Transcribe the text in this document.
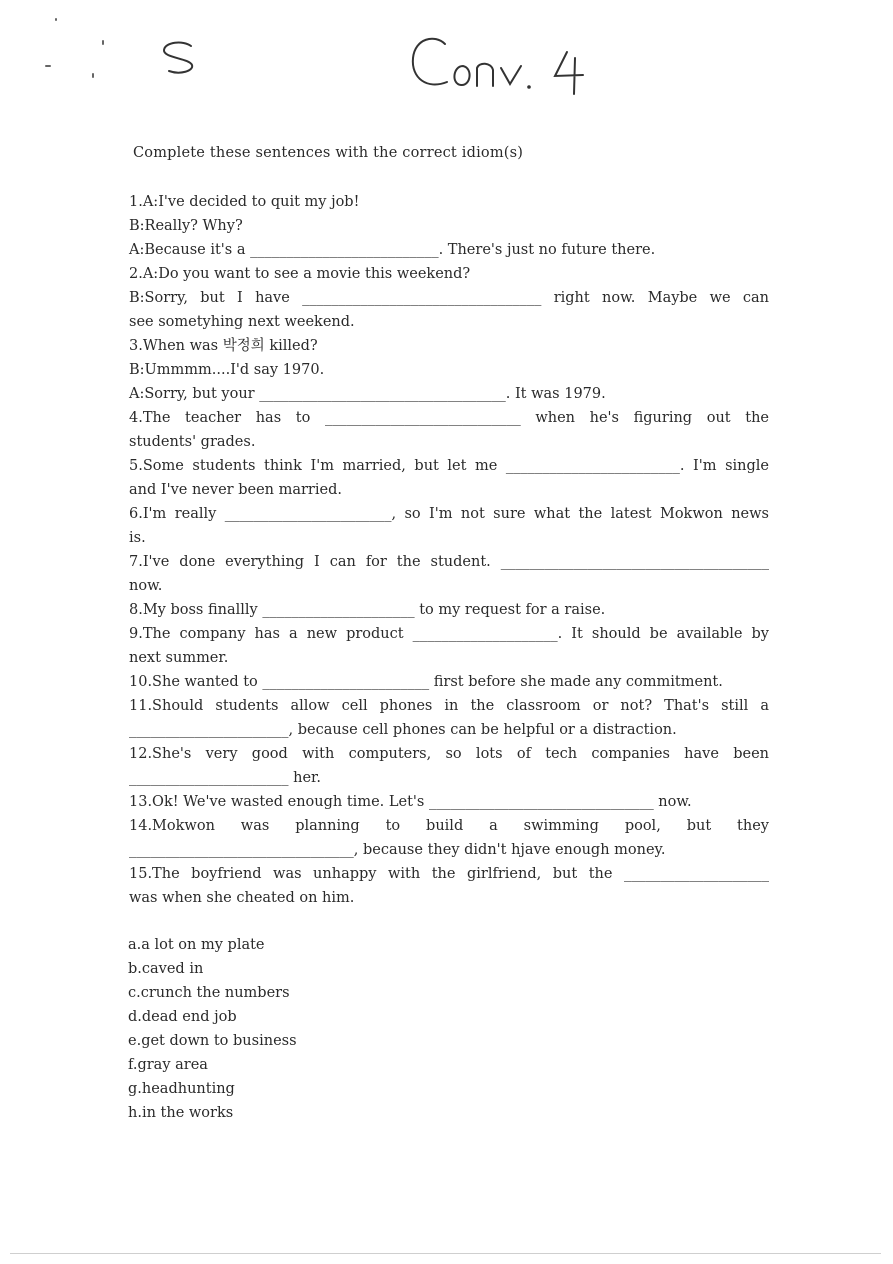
Complete these sentences with the correct idiom(s)
1.A:I've decided to quit my job!
B:Really? Why?
A:Because it's a __________________________. There's just no future there.
2.A:Do you want to see a movie this weekend?
B:Sorry, but I have _________________________________ right now. Maybe we can
see sometyhing next weekend.
3.When was 박정희 killed?
B:Ummmm....I'd say 1970.
A:Sorry, but your __________________________________. It was 1979.
4.The teacher has to ___________________________ when he's figuring out the
students' grades.
5.Some students think I'm married, but let me ________________________. I'm single
and I've never been married.
6.I'm really _______________________, so I'm not sure what the latest Mokwon news
is.
7.I've done everything I can for the student. _____________________________________
now.
8.My boss finallly _____________________ to my request for a raise.
9.The company has a new product ____________________. It should be available by
next summer.
10.She wanted to _______________________ first before she made any commitment.
11.Should students allow cell phones in the classroom or not? That's still a
______________________, because cell phones can be helpful or a distraction.
12.She's very good with computers, so lots of tech companies have been
______________________ her.
13.Ok! We've wasted enough time. Let's _______________________________ now.
14.Mokwon was planning to build a swimming pool, but they
_______________________________, because they didn't hjave enough money.
15.The boyfriend was unhappy with the girlfriend, but the ____________________
was when she cheated on him.
a.a lot on my plate
b.caved in
c.crunch the numbers
d.dead end job
e.get down to business
f.gray area
g.headhunting
h.in the works
